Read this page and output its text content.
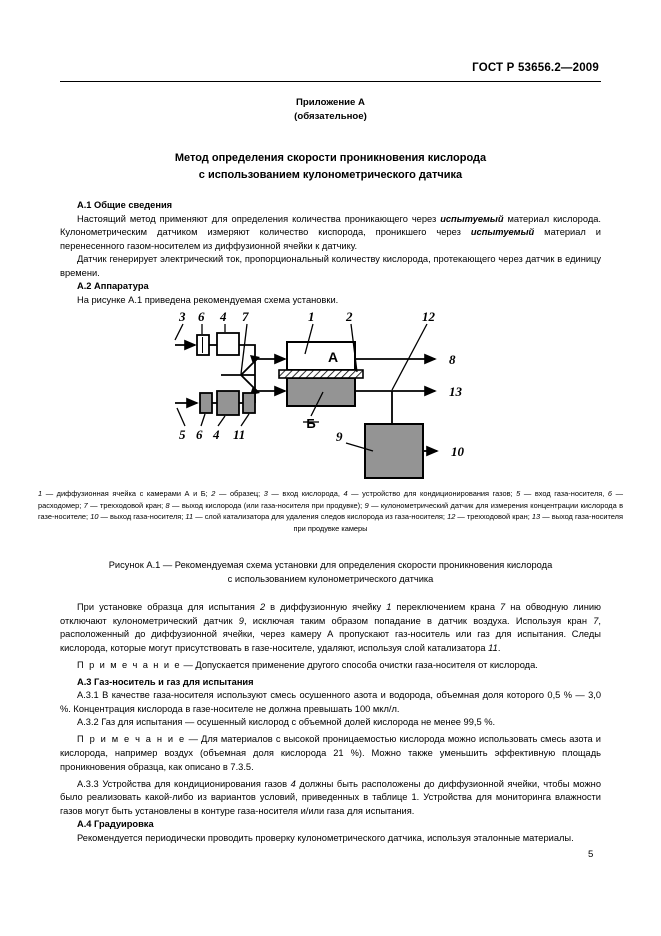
ГОСТ Р 53656.2—2009
Приложение А
(обязательное)
Метод определения скорости проникновения кислорода
с использованием кулонометрического датчика

A.1 Общие сведения

Настоящий метод применяют для определения количества проникающего через испытуемый материал кислорода. Кулонометрическим датчиком измеряют количество киспорода, проникшего через испытуемый материал и перенесенного газом-носителем из диффузионной ячейки к датчику.

Датчик генерирует электрический ток, пропорциональный количеству кислорода, протекающего через датчик в единицу времени.

A.2 Аппаратура

На рисунке А.1 приведена рекомендуемая схема установки.

А
Б
3 6 4 7	1 2	12
8
13
10
9
5 6 4 11
1 — диффузионная ячейка с камерами А и Б; 2 — образец; 3 — вход кислорода, 4 — устройство для кондиционирования газов; 5 — вход газа-носителя, 6 — расходомер; 7 — трехходовой кран; 8 — выход кислорода (или газа-носителя при продувке); 9 — кулонометрический датчик для измерения концентрации кислорода в газе-носителе; 10 — выход газа-носителя; 11 — слой катализатора для удаления следов кислорода из газа-носителя; 12 — трехходовой кран; 13 — выход газа-носителя при продувке камеры
Рисунок А.1 — Рекомендуемая схема установки для определения скорости проникновения кислорода
с использованием кулонометрического датчика

При установке образца для испытания 2 в диффузионную ячейку 1 переключением крана 7 на обводную линию отключают кулонометрический датчик 9, исключая таким образом попадание в датчик воздуха. Используя кран 7, расположенный до диффузионной ячейки, через камеру А пропускают газ-носитель или газ для испытания. Следы кислорода, которые могут присутствовать в газе-носителе, удаляют, используя слой катализатора 11.

П р и м е ч а н и е — Допускается применение другого способа очистки газа-носителя от кислорода.

A.3 Газ-носитель и газ для испытания

A.3.1 В качестве газа-носителя используют смесь осушенного азота и водорода, объемная доля которого 0,5 % — 3,0 %. Концентрация кислорода в газе-носителе не должна превышать 100 мкл/л.

A.3.2 Газ для испытания — осушенный кислород с объемной долей кислорода не менее 99,5 %.

П р и м е ч а н и е — Для материалов с высокой проницаемостью кислорода можно использовать смесь азота и кислорода, например воздух (объемная доля кислорода 21 %). Можно также уменьшить эффективную площадь проникновения образца, как описано в 7.3.5.

A.3.3 Устройства для кондиционирования газов 4 должны быть расположены до диффузионной ячейки, чтобы можно было реализовать какой-либо из вариантов условий, приведенных в таблице 1. Устройства для мониторинга влажности газов могут быть установлены в контуре газа-носителя и/или газа для испытания.

A.4 Градуировка

Рекомендуется периодически проводить проверку кулонометрического датчика, используя эталонные материалы.

5
